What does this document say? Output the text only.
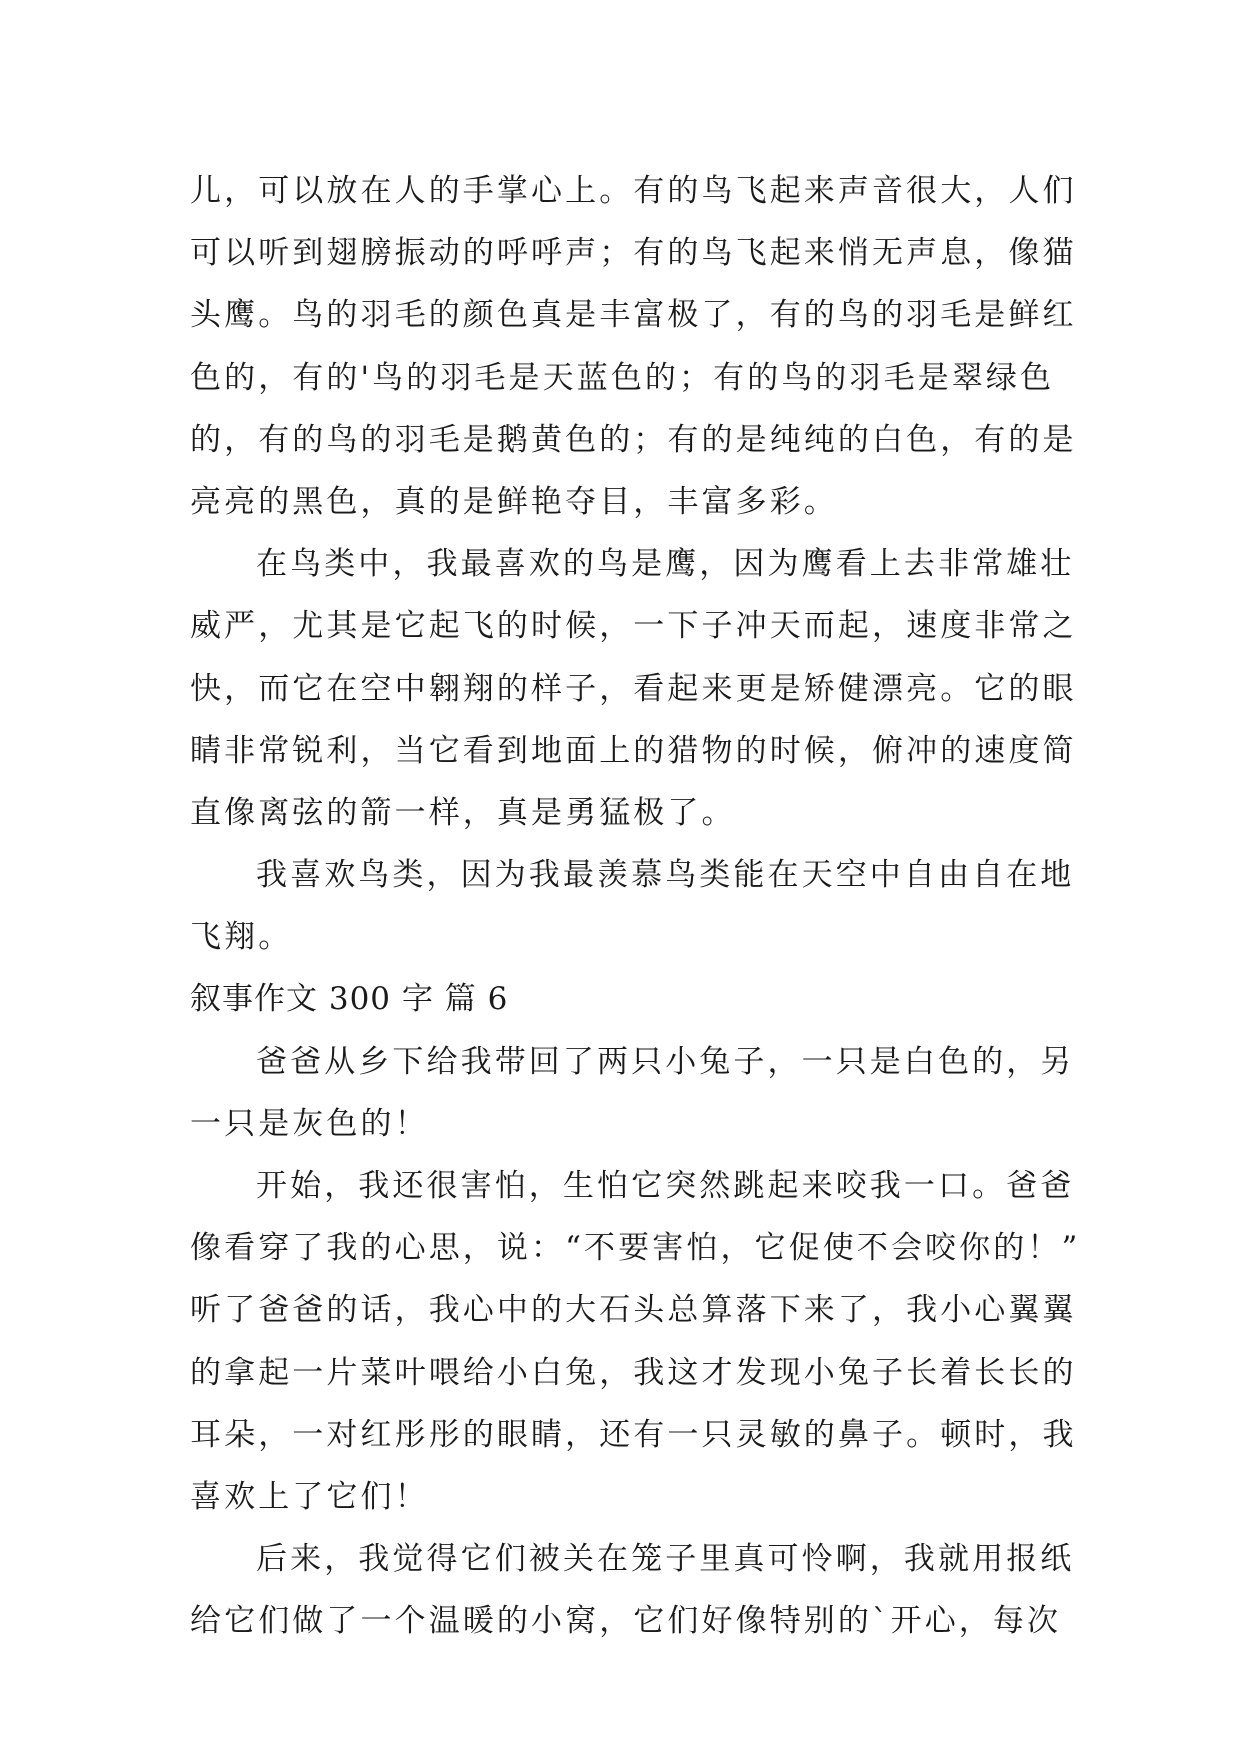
儿，可以放在人的手掌心上。有的鸟飞起来声音很大，人们
可以听到翅膀振动的呼呼声；有的鸟飞起来悄无声息，像猫
头鹰。鸟的羽毛的颜色真是丰富极了，有的鸟的羽毛是鲜红
色的，有的'鸟的羽毛是天蓝色的；有的鸟的羽毛是翠绿色
的，有的鸟的羽毛是鹅黄色的；有的是纯纯的白色，有的是
亮亮的黑色，真的是鲜艳夺目，丰富多彩。
在鸟类中，我最喜欢的鸟是鹰，因为鹰看上去非常雄壮
威严，尤其是它起飞的时候，一下子冲天而起，速度非常之
快，而它在空中翱翔的样子，看起来更是矫健漂亮。它的眼
睛非常锐利，当它看到地面上的猎物的时候，俯冲的速度简
直像离弦的箭一样，真是勇猛极了。
我喜欢鸟类，因为我最羡慕鸟类能在天空中自由自在地
飞翔。
叙事作文 300 字 篇 6
爸爸从乡下给我带回了两只小兔子，一只是白色的，另
一只是灰色的！
开始，我还很害怕，生怕它突然跳起来咬我一口。爸爸
像看穿了我的心思，说：“不要害怕，它促使不会咬你的！”
听了爸爸的话，我心中的大石头总算落下来了，我小心翼翼
的拿起一片菜叶喂给小白兔，我这才发现小兔子长着长长的
耳朵，一对红彤彤的眼睛，还有一只灵敏的鼻子。顿时，我
喜欢上了它们！
后来，我觉得它们被关在笼子里真可怜啊，我就用报纸
给它们做了一个温暖的小窝，它们好像特别的`开心，每次
